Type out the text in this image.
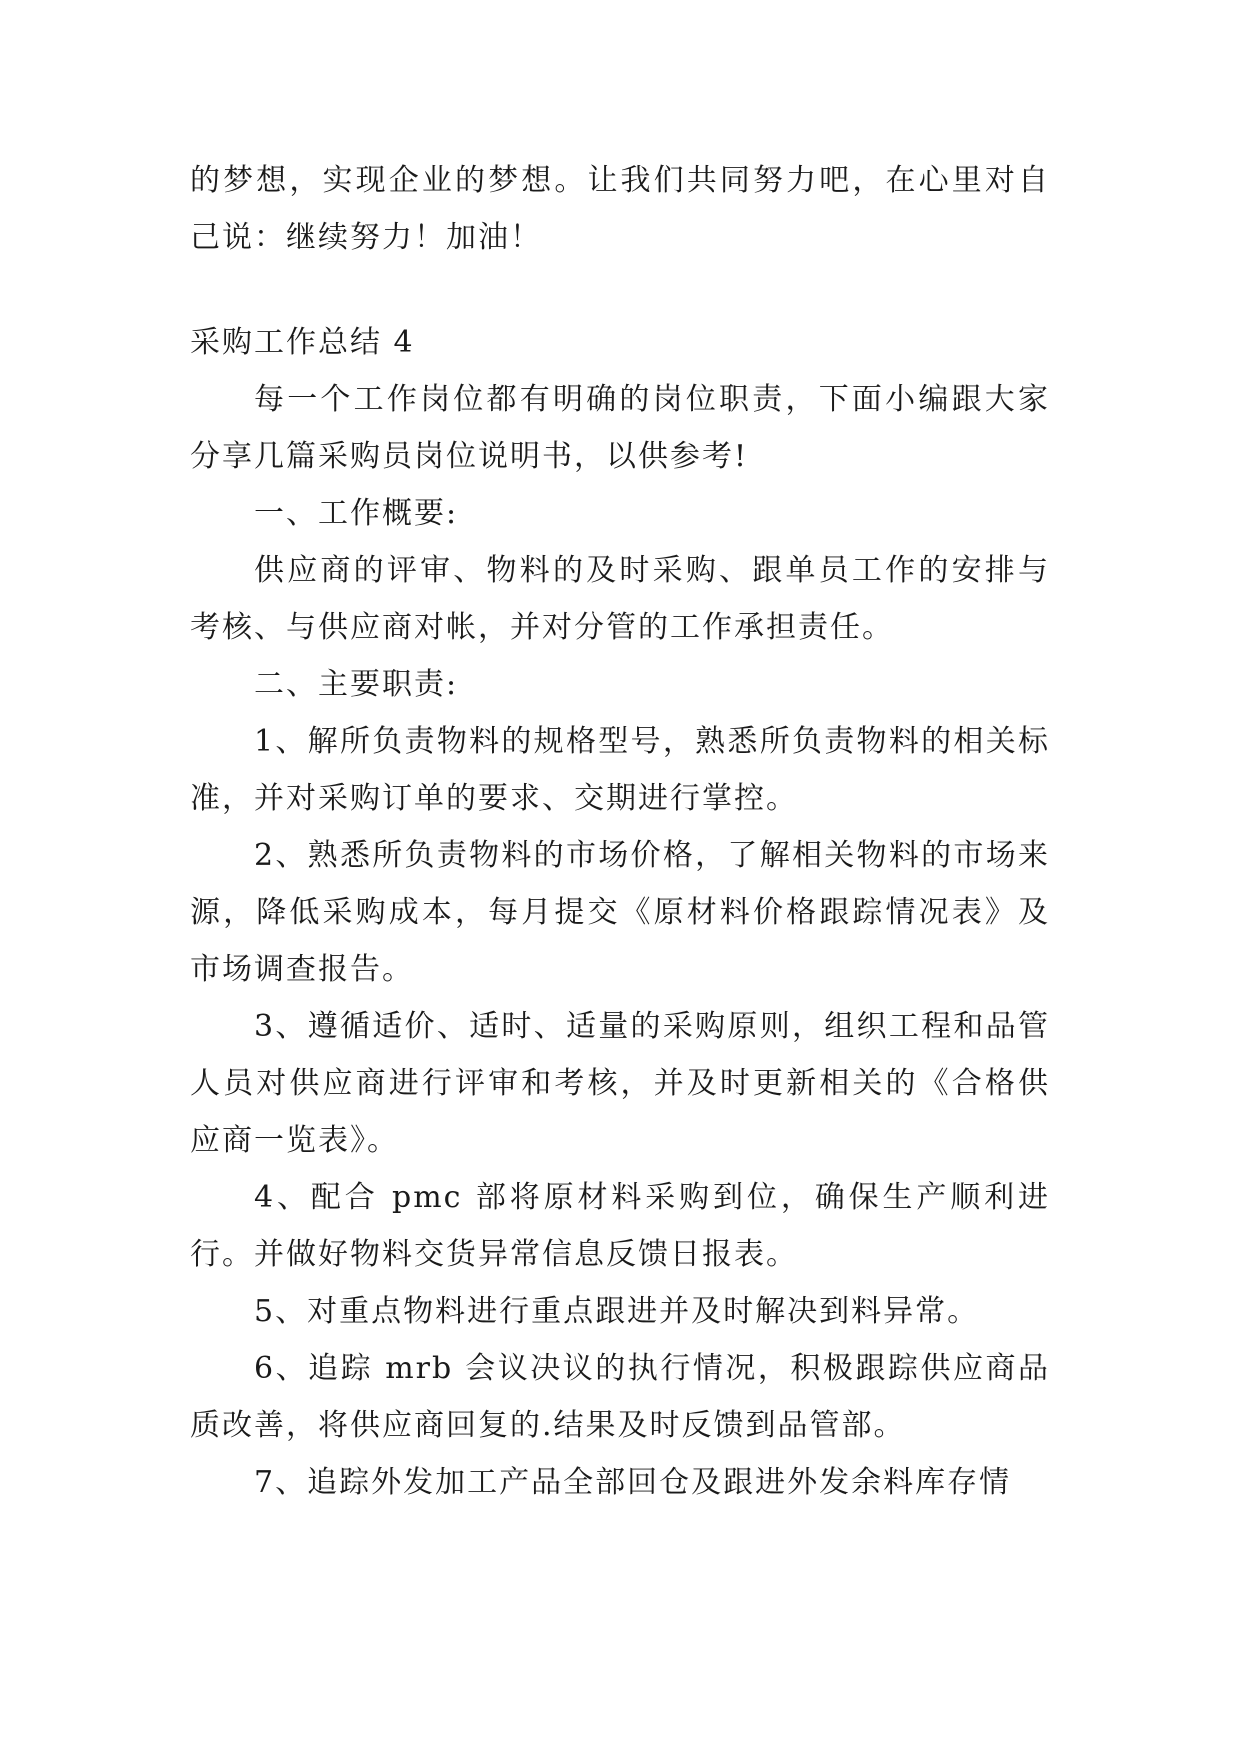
的梦想，实现企业的梦想。让我们共同努力吧，在心里对自己说：继续努力！加油！

采购工作总结 4

每一个工作岗位都有明确的岗位职责，下面小编跟大家分享几篇采购员岗位说明书，以供参考!

一、工作概要:

供应商的评审、物料的及时采购、跟单员工作的安排与考核、与供应商对帐，并对分管的工作承担责任。

二、主要职责:

1、解所负责物料的规格型号，熟悉所负责物料的相关标准，并对采购订单的要求、交期进行掌控。

2、熟悉所负责物料的市场价格，了解相关物料的市场来源，降低采购成本，每月提交《原材料价格跟踪情况表》及市场调查报告。

3、遵循适价、适时、适量的采购原则，组织工程和品管人员对供应商进行评审和考核，并及时更新相关的《合格供应商一览表》。

4、配合 pmc 部将原材料采购到位，确保生产顺利进行。并做好物料交货异常信息反馈日报表。

5、对重点物料进行重点跟进并及时解决到料异常。

6、追踪 mrb 会议决议的执行情况，积极跟踪供应商品质改善，将供应商回复的.结果及时反馈到品管部。

7、追踪外发加工产品全部回仓及跟进外发余料库存情
